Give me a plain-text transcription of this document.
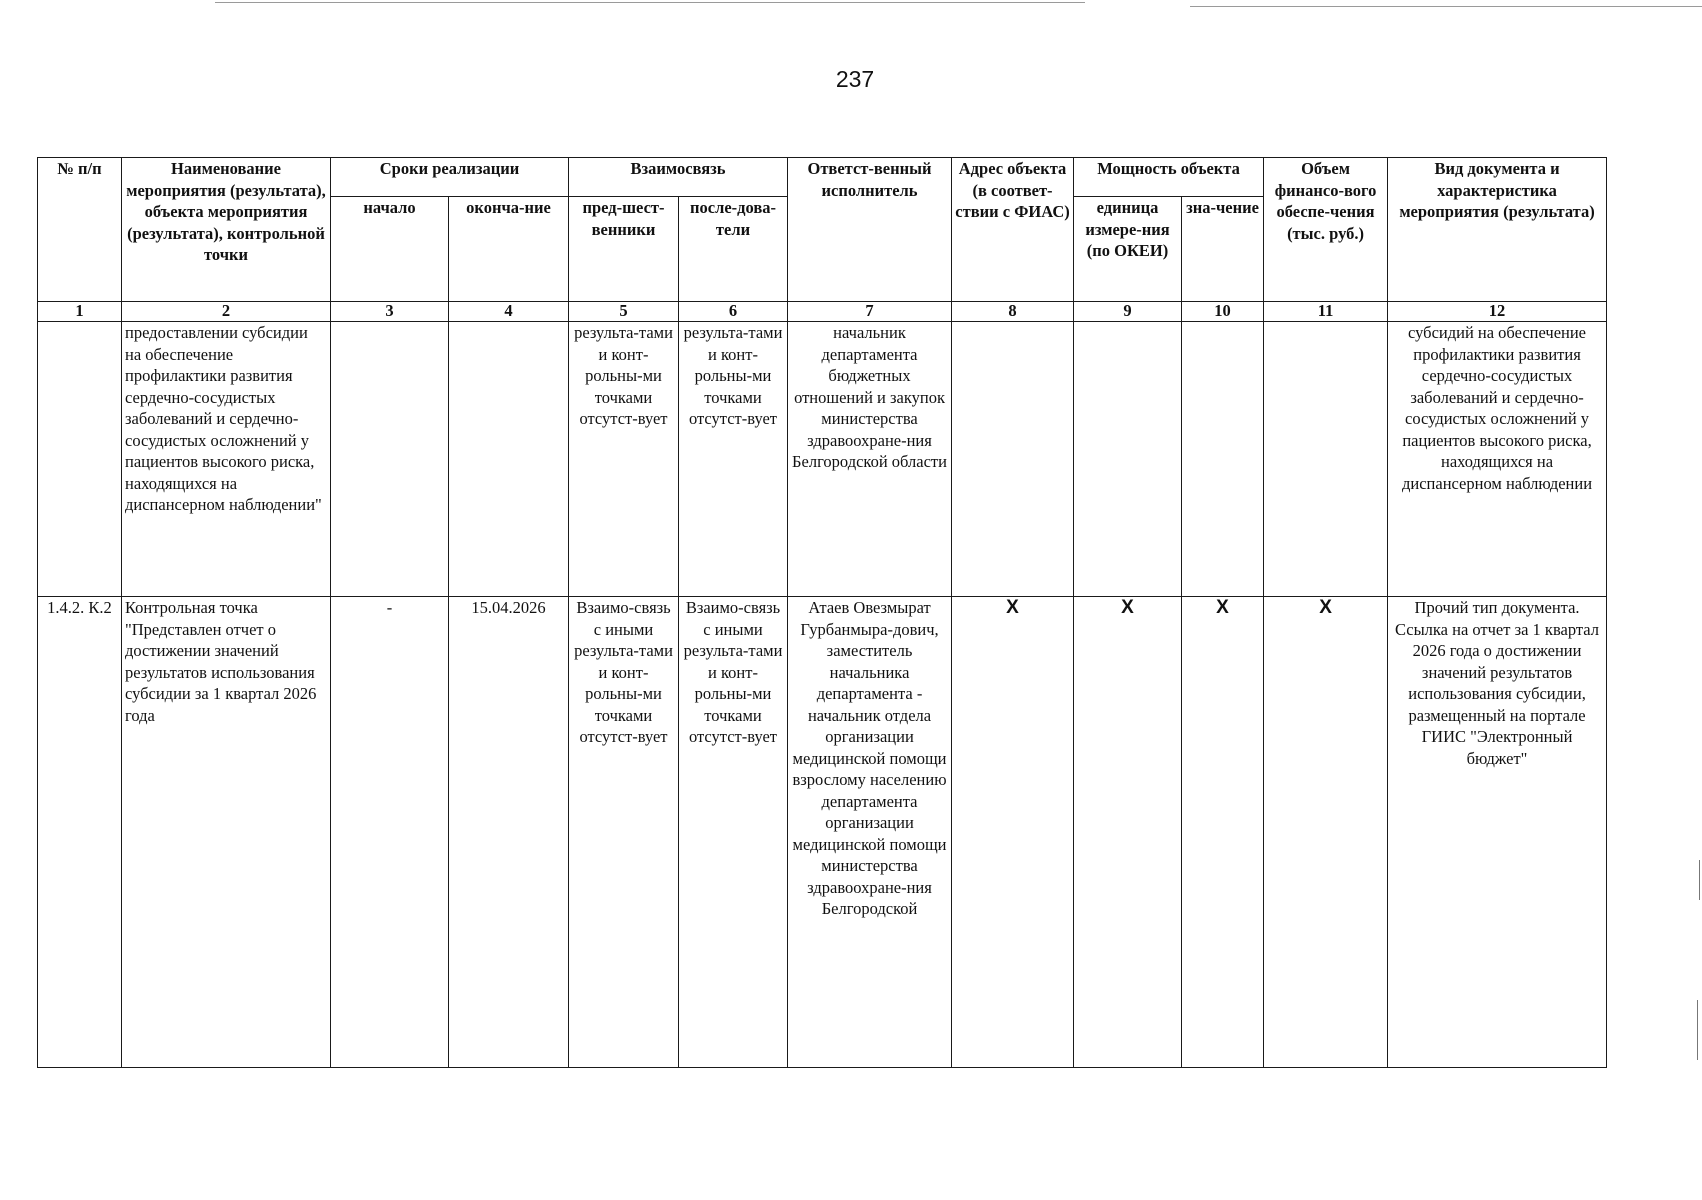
237
№ п/п	Наименование мероприятия (результата), объекта мероприятия (результата), контрольной точки	Сроки реализации		Взаимосвязь		Ответст-венный исполнитель	Адрес объекта (в соответ-ствии с ФИАС)	Мощность объекта		Объем финансо-вого обеспе-чения (тыс. руб.)	Вид документа и характеристика мероприятия (результата)
		начало	оконча-ние	пред-шест-венники	после-дова-тели			единица измере-ния (по ОКЕИ)	зна-чение		
1	2	3	4	5	6	7	8	9	10	11	12
	предоставлении субсидии на обеспечение профилактики развития сердечно-сосудистых заболеваний и сердечно-сосудистых осложнений у пациентов высокого риска, находящихся на диспансерном наблюдении"			результа-тами и конт-рольны-ми точками отсутст-вует	результа-тами и конт-рольны-ми точками отсутст-вует	начальник департамента бюджетных отношений и закупок министерства здравоохране-ния Белгородской области					субсидий на обеспечение профилактики развития сердечно-сосудистых заболеваний и сердечно-сосудистых осложнений у пациентов высокого риска, находящихся на диспансерном наблюдении
1.4.2. К.2	Контрольная точка "Представлен отчет о достижении значений результатов использования субсидии за 1 квартал 2026 года	-	15.04.2026	Взаимо-связь с иными результа-тами и конт-рольны-ми точками отсутст-вует	Взаимо-связь с иными результа-тами и конт-рольны-ми точками отсутст-вует	Атаев Овезмырат Гурбанмыра-дович, заместитель начальника департамента - начальник отдела организации медицинской помощи взрослому населению департамента организации медицинской помощи министерства здравоохране-ния Белгородской	X	X	X	X	Прочий тип документа. Ссылка на отчет за 1 квартал 2026 года о достижении значений результатов использования субсидии, размещенный на портале ГИИС "Электронный бюджет"
